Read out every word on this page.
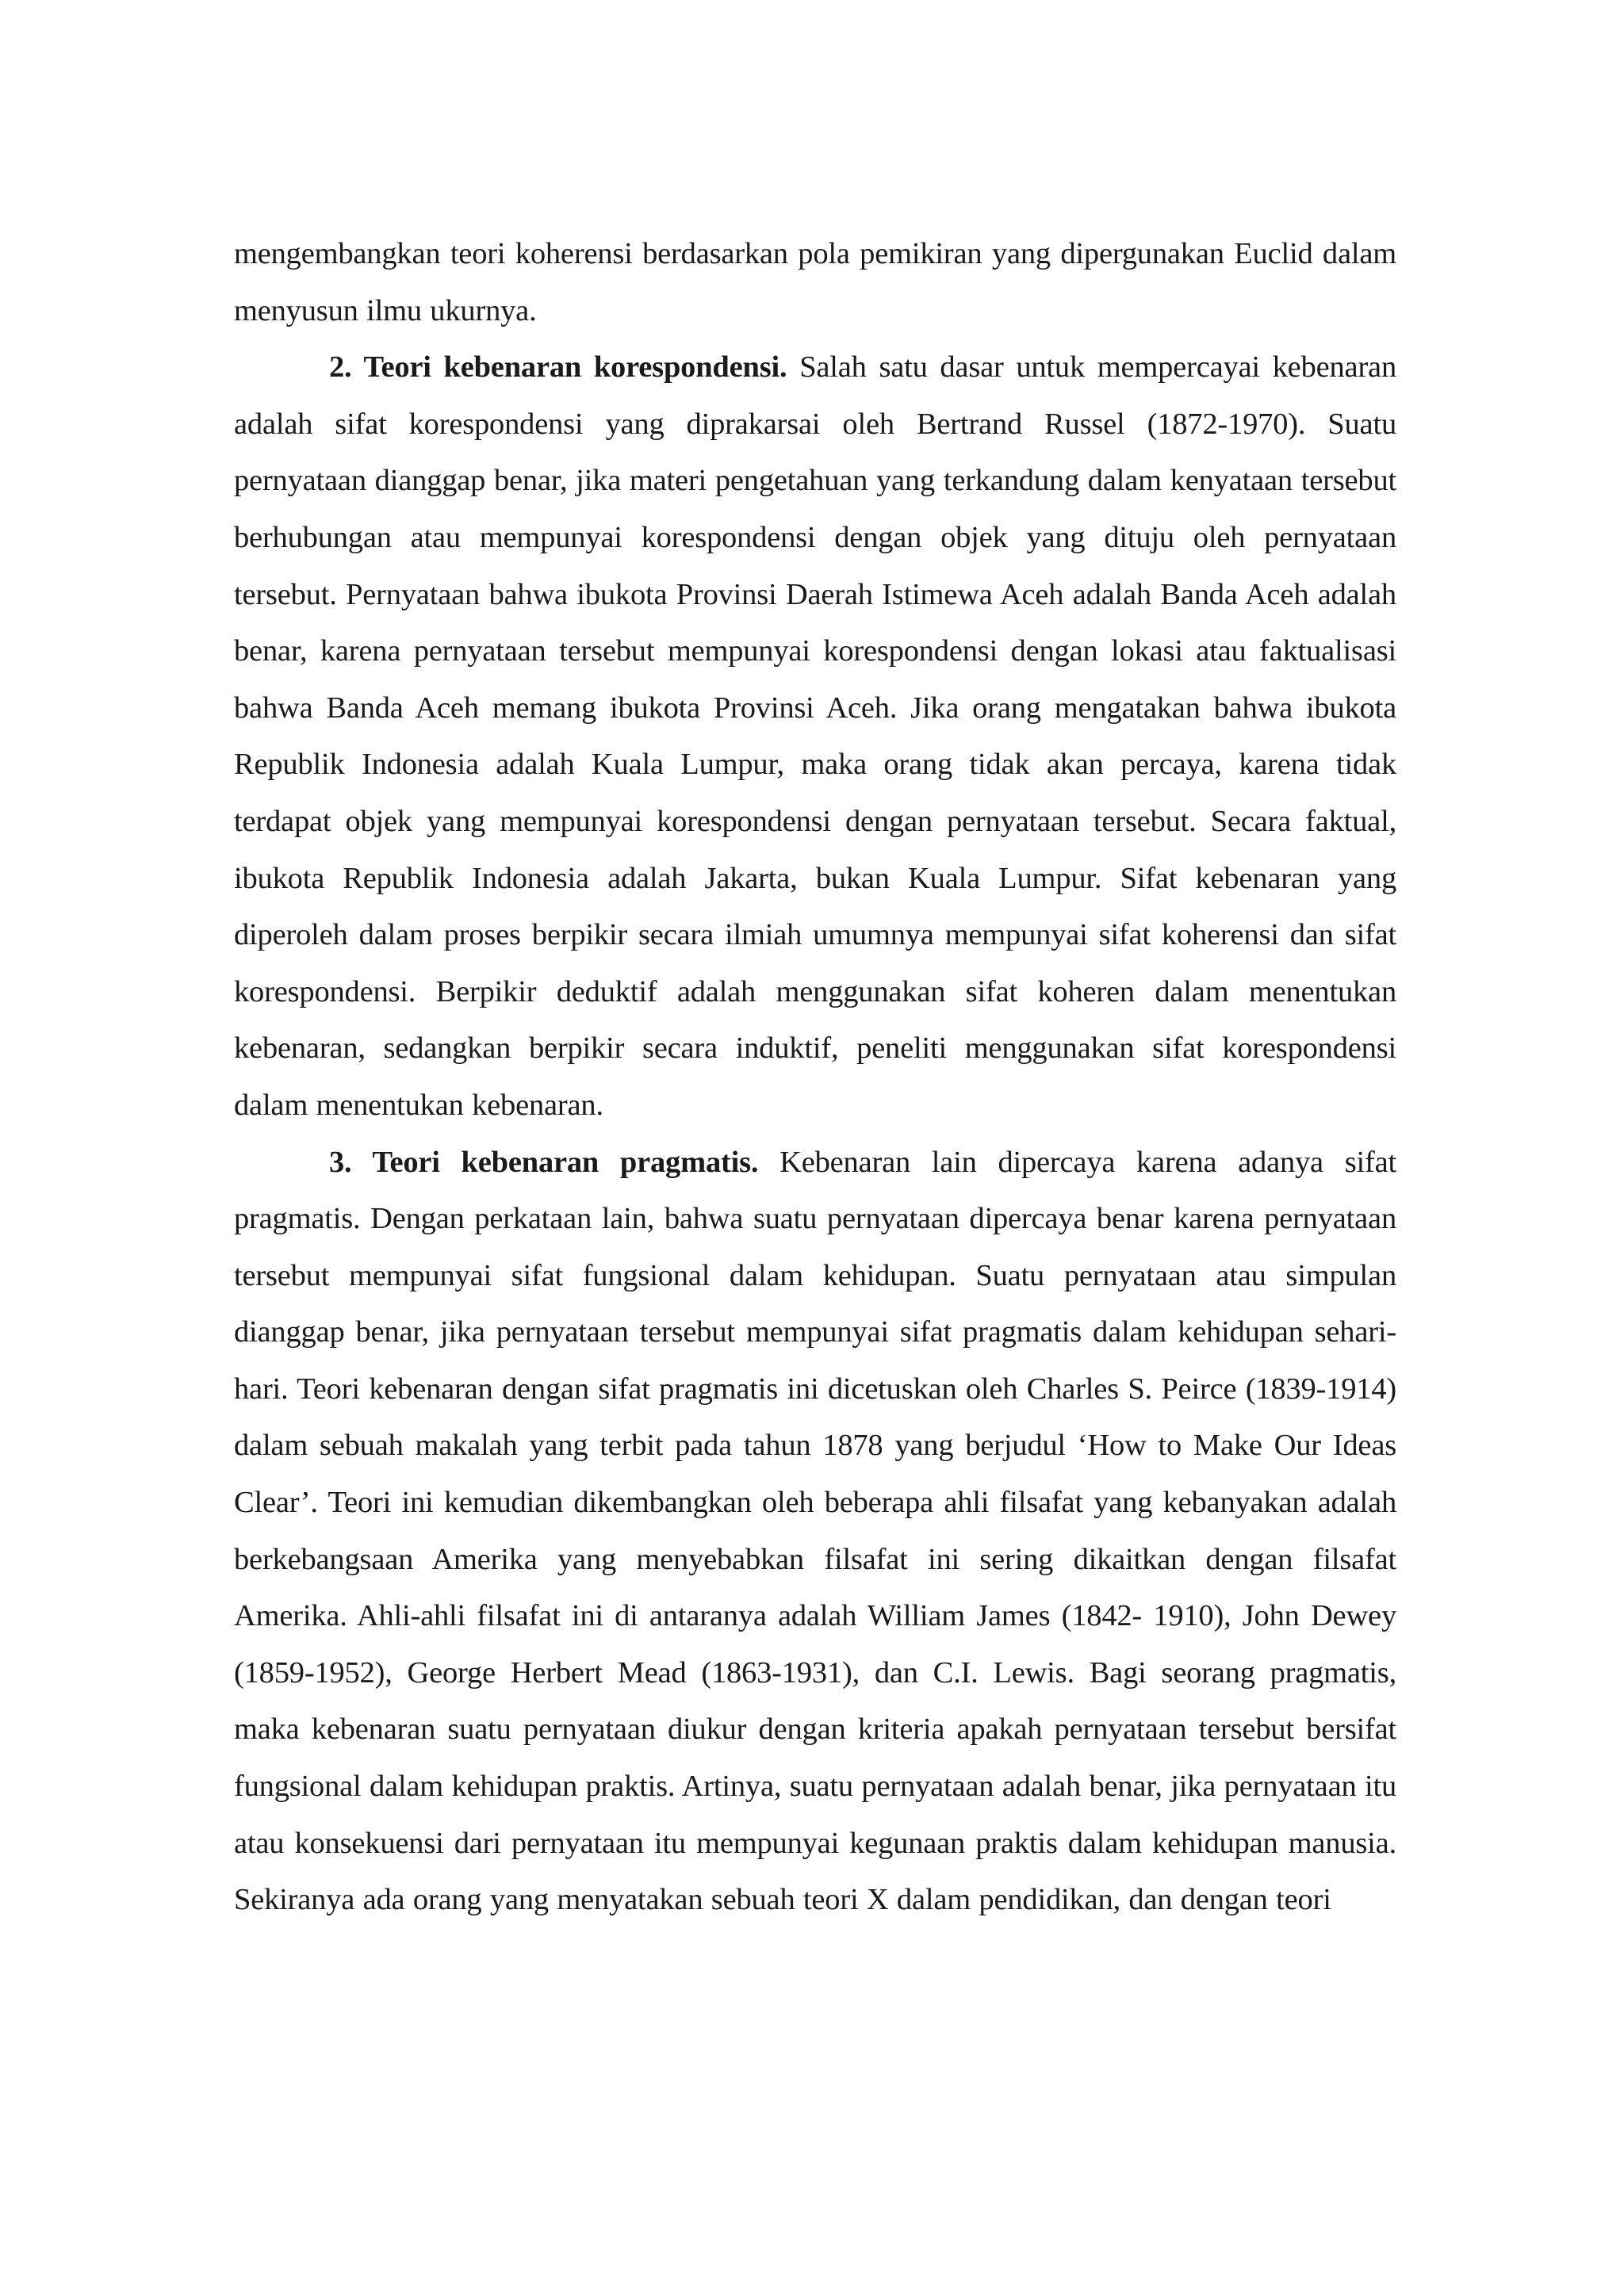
mengembangkan teori koherensi berdasarkan pola pemikiran yang dipergunakan Euclid dalam menyusun ilmu ukurnya.

2. Teori kebenaran korespondensi. Salah satu dasar untuk mempercayai kebenaran adalah sifat korespondensi yang diprakarsai oleh Bertrand Russel (1872-1970). Suatu pernyataan dianggap benar, jika materi pengetahuan yang terkandung dalam kenyataan tersebut berhubungan atau mempunyai korespondensi dengan objek yang dituju oleh pernyataan tersebut. Pernyataan bahwa ibukota Provinsi Daerah Istimewa Aceh adalah Banda Aceh adalah benar, karena pernyataan tersebut mempunyai korespondensi dengan lokasi atau faktualisasi bahwa Banda Aceh memang ibukota Provinsi Aceh. Jika orang mengatakan bahwa ibukota Republik Indonesia adalah Kuala Lumpur, maka orang tidak akan percaya, karena tidak terdapat objek yang mempunyai korespondensi dengan pernyataan tersebut. Secara faktual, ibukota Republik Indonesia adalah Jakarta, bukan Kuala Lumpur. Sifat kebenaran yang diperoleh dalam proses berpikir secara ilmiah umumnya mempunyai sifat koherensi dan sifat korespondensi. Berpikir deduktif adalah menggunakan sifat koheren dalam menentukan kebenaran, sedangkan berpikir secara induktif, peneliti menggunakan sifat korespondensi dalam menentukan kebenaran.

3. Teori kebenaran pragmatis. Kebenaran lain dipercaya karena adanya sifat pragmatis. Dengan perkataan lain, bahwa suatu pernyataan dipercaya benar karena pernyataan tersebut mempunyai sifat fungsional dalam kehidupan. Suatu pernyataan atau simpulan dianggap benar, jika pernyataan tersebut mempunyai sifat pragmatis dalam kehidupan sehari-hari. Teori kebenaran dengan sifat pragmatis ini dicetuskan oleh Charles S. Peirce (1839-1914) dalam sebuah makalah yang terbit pada tahun 1878 yang berjudul ‘How to Make Our Ideas Clear’. Teori ini kemudian dikembangkan oleh beberapa ahli filsafat yang kebanyakan adalah berkebangsaan Amerika yang menyebabkan filsafat ini sering dikaitkan dengan filsafat Amerika. Ahli-ahli filsafat ini di antaranya adalah William James (1842- 1910), John Dewey (1859-1952), George Herbert Mead (1863-1931), dan C.I. Lewis. Bagi seorang pragmatis, maka kebenaran suatu pernyataan diukur dengan kriteria apakah pernyataan tersebut bersifat fungsional dalam kehidupan praktis. Artinya, suatu pernyataan adalah benar, jika pernyataan itu atau konsekuensi dari pernyataan itu mempunyai kegunaan praktis dalam kehidupan manusia. Sekiranya ada orang yang menyatakan sebuah teori X dalam pendidikan, dan dengan teori
